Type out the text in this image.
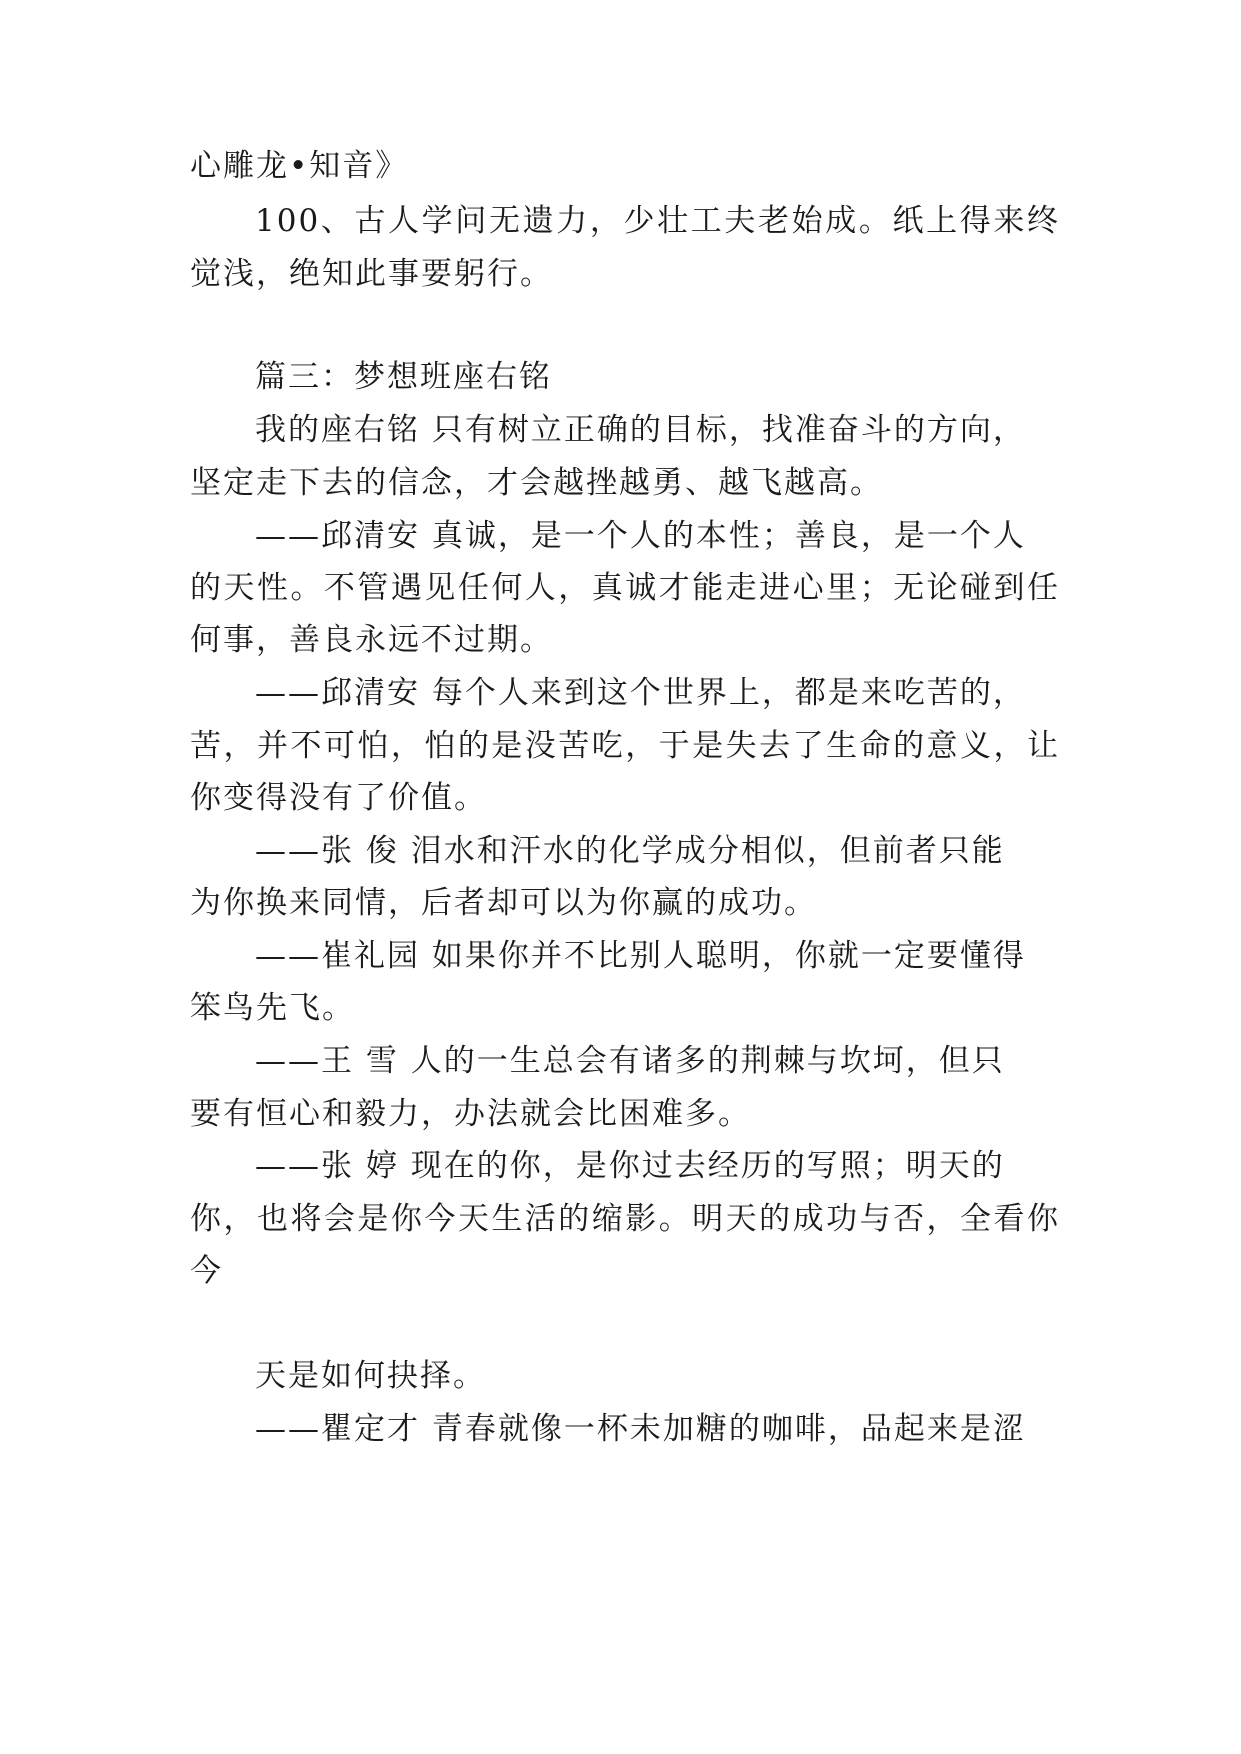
心雕龙•知音》
100、古人学问无遗力，少壮工夫老始成。纸上得来终
觉浅，绝知此事要躬行。
篇三：梦想班座右铭
我的座右铭 只有树立正确的目标，找准奋斗的方向，
坚定走下去的信念，才会越挫越勇、越飞越高。
——邱清安 真诚，是一个人的本性；善良，是一个人
的天性。不管遇见任何人，真诚才能走进心里；无论碰到任
何事，善良永远不过期。
——邱清安 每个人来到这个世界上，都是来吃苦的，
苦，并不可怕，怕的是没苦吃，于是失去了生命的意义，让
你变得没有了价值。
——张 俊 泪水和汗水的化学成分相似，但前者只能
为你换来同情，后者却可以为你赢的成功。
——崔礼园 如果你并不比别人聪明，你就一定要懂得
笨鸟先飞。
——王 雪 人的一生总会有诸多的荆棘与坎坷，但只
要有恒心和毅力，办法就会比困难多。
——张 婷 现在的你，是你过去经历的写照；明天的
你，也将会是你今天生活的缩影。明天的成功与否，全看你
今
天是如何抉择。
——瞿定才 青春就像一杯未加糖的咖啡，品起来是涩
